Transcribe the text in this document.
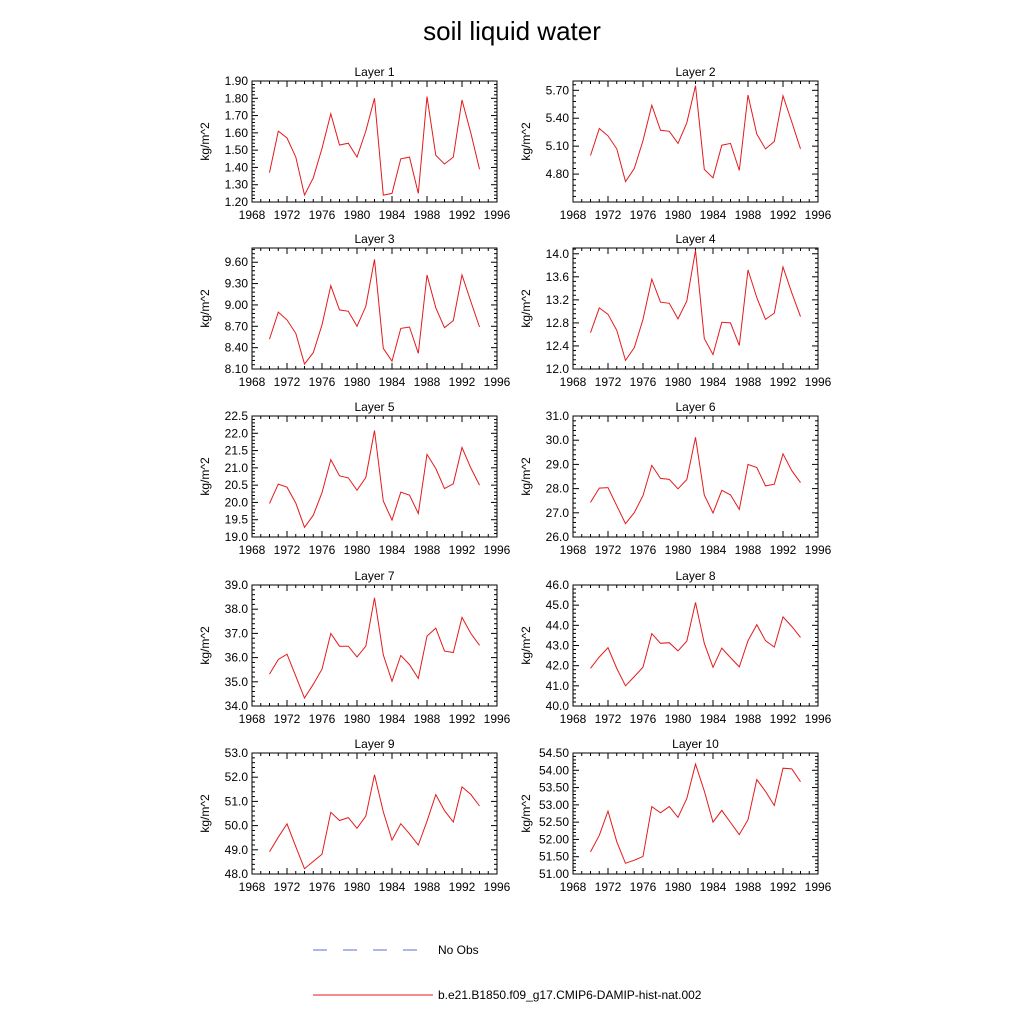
soil liquid water
Layer 1
1968 1972 1976 1980 1984 1988 1992 1996
1.20
1.30
1.40
1.50
1.60
1.70
1.80
1.90
kg/m^2
Layer 2
1968 1972 1976 1980 1984 1988 1992 1996
4.80
5.10
5.40
5.70
kg/m^2
Layer 3
1968 1972 1976 1980 1984 1988 1992 1996
8.10
8.40
8.70
9.00
9.30
9.60
kg/m^2
Layer 4
1968 1972 1976 1980 1984 1988 1992 1996
12.0
12.4
12.8
13.2
13.6
14.0
kg/m^2
Layer 5
1968 1972 1976 1980 1984 1988 1992 1996
19.0
19.5
20.0
20.5
21.0
21.5
22.0
22.5
kg/m^2
Layer 6
1968 1972 1976 1980 1984 1988 1992 1996
26.0
27.0
28.0
29.0
30.0
31.0
kg/m^2
Layer 7
1968 1972 1976 1980 1984 1988 1992 1996
34.0
35.0
36.0
37.0
38.0
39.0
kg/m^2
Layer 8
1968 1972 1976 1980 1984 1988 1992 1996
40.0
41.0
42.0
43.0
44.0
45.0
46.0
kg/m^2
Layer 9
1968 1972 1976 1980 1984 1988 1992 1996
48.0
49.0
50.0
51.0
52.0
53.0
kg/m^2
Layer 10
1968 1972 1976 1980 1984 1988 1992 1996
51.00
51.50
52.00
52.50
53.00
53.50
54.00
54.50
kg/m^2
No Obs
b.e21.B1850.f09_g17.CMIP6-DAMIP-hist-nat.002
